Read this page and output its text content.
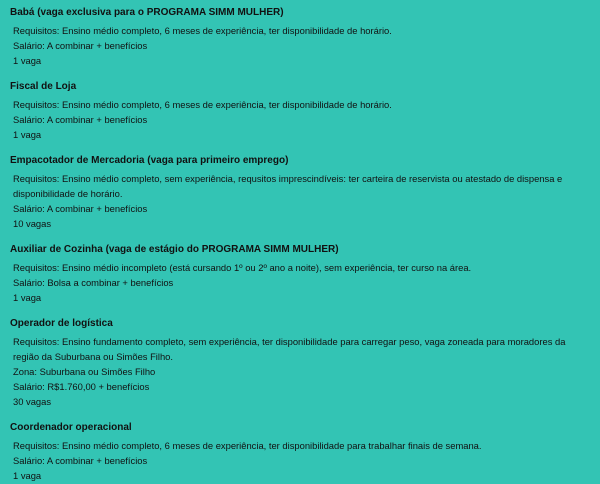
Babá (vaga exclusiva para o PROGRAMA SIMM MULHER)
Requisitos: Ensino médio completo, 6 meses de experiência, ter disponibilidade de horário.
Salário: A combinar + benefícios
1 vaga
Fiscal de Loja
Requisitos: Ensino médio completo, 6 meses de experiência, ter disponibilidade de horário.
Salário: A combinar + benefícios
1 vaga
Empacotador de Mercadoria (vaga para primeiro emprego)
Requisitos: Ensino médio completo, sem experiência, requsitos imprescindíveis: ter carteira de reservista ou atestado de dispensa e disponibilidade de horário.
Salário: A combinar + benefícios
10 vagas
Auxiliar de Cozinha (vaga de estágio do PROGRAMA SIMM MULHER)
Requisitos: Ensino médio incompleto (está cursando 1º ou 2º ano a noite), sem experiência, ter curso na área.
Salário: Bolsa a combinar + benefícios
1 vaga
Operador de logística
Requisitos: Ensino fundamento completo, sem experiência, ter disponibilidade para carregar peso, vaga zoneada para moradores da região da Suburbana ou Simões Filho.
Zona: Suburbana ou Simões Filho
Salário: R$1.760,00 + benefícios
30 vagas
Coordenador operacional
Requisitos: Ensino médio completo, 6 meses de experiência, ter disponibilidade para trabalhar finais de semana.
Salário: A combinar + benefícios
1 vaga
